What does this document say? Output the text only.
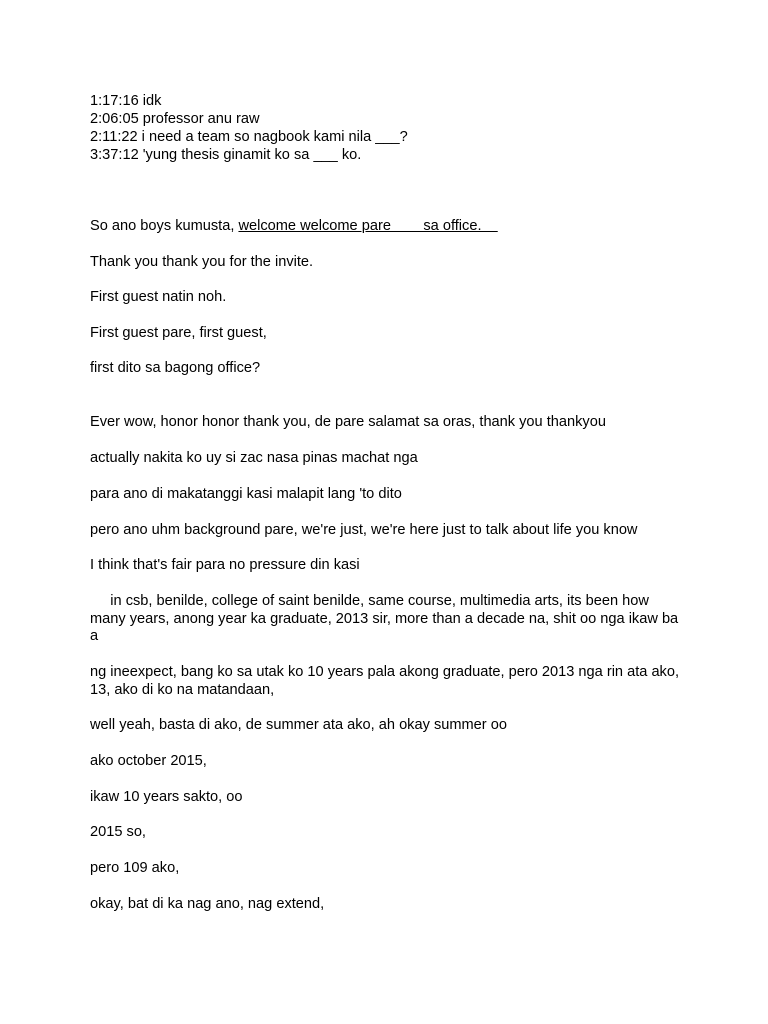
1:17:16 idk

2:06:05 professor anu raw

2:11:22 i need a team so nagbook kami nila ___?

3:37:12 'yung thesis ginamit ko sa ___ ko.

So ano boys kumusta, welcome welcome pare        sa office.

Thank you thank you for the invite.

First guest natin noh.

First guest pare, first guest,

first dito sa bagong office?

Ever wow, honor honor thank you, de pare salamat sa oras, thank you thankyou

actually nakita ko uy si zac nasa pinas machat nga

para ano di makatanggi kasi malapit lang 'to dito

pero ano uhm background pare, we're just, we're here just to talk about life you know

I think that's fair para no pressure din kasi

in csb, benilde, college of saint benilde, same course, multimedia arts, its been how many years, anong year ka graduate, 2013 sir, more than a decade na, shit oo nga ikaw ba a

ng ineexpect, bang ko sa utak ko 10 years pala akong graduate, pero 2013 nga rin ata ako, 13, ako di ko na matandaan,

well yeah, basta di ako, de summer ata ako, ah okay summer oo

ako october 2015,

ikaw 10 years sakto, oo

2015 so,

pero 109 ako,

okay, bat di ka nag ano, nag extend,
